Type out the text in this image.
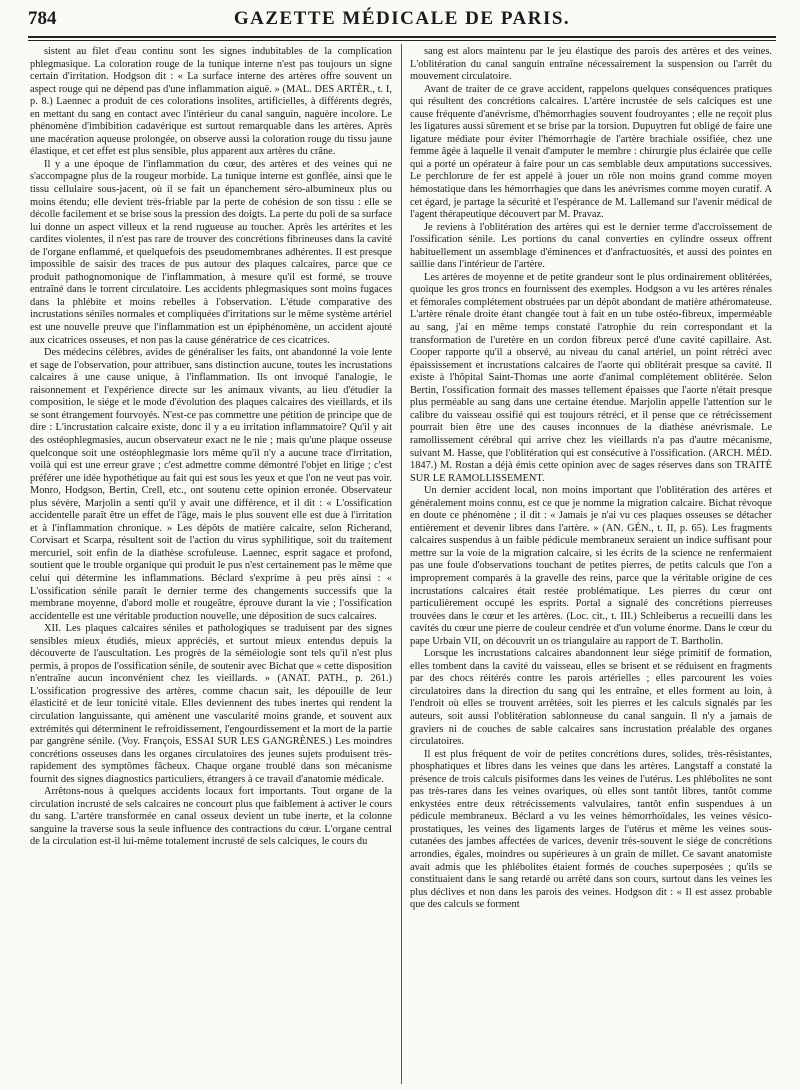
784	GAZETTE MÉDICALE DE PARIS.

sistent au filet d'eau continu sont les signes indubitables de la complication phlegmasique. La coloration rouge de la tunique interne n'est pas toujours un signe certain d'irritation. Hodgson dit : « La surface interne des artères offre souvent un aspect rouge qui ne dépend pas d'une inflammation aiguë. » (MAL. DES ARTÈR., t. I, p. 8.) Laennec a produit de ces colorations insolites, artificielles, à différents degrés, en mettant du sang en contact avec l'intérieur du canal sanguin, naguère incolore. Le phénomène d'imbibition cadavérique est surtout remarquable dans les artères. Après une macération aqueuse prolongée, on observe aussi la coloration rouge du tissu jaune élastique, et cet effet est plus sensible, plus apparent aux artères du crâne.

Il y a une époque de l'inflammation du cœur, des artères et des veines qui ne s'accompagne plus de la rougeur morbide. La tunique interne est gonflée, ainsi que le tissu cellulaire sous-jacent, où il se fait un épanchement séro-albumineux plus ou moins étendu; elle devient très-friable par la perte de cohésion de son tissu : elle se décolle facilement et se brise sous la pression des doigts. La perte du poli de sa surface lui donne un aspect villeux et la rend rugueuse au toucher. Après les artérites et les cardites violentes, il n'est pas rare de trouver des concrétions fibrineuses dans la cavité de l'organe enflammé, et quelquefois des pseudomembranes adhérentes. Il est presque impossible de saisir des traces de pus autour des plaques calcaires, parce que ce produit pathognomonique de l'inflammation, à mesure qu'il est formé, se trouve entraîné dans le torrent circulatoire. Les accidents phlegmasiques sont moins fugaces dans la phlébite et moins rebelles à l'observation. L'étude comparative des incrustations séniles normales et compliquées d'irritations sur le même système artériel est une nouvelle preuve que l'inflammation est un épiphénomène, un accident ajouté aux cicatrices osseuses, et non pas la cause génératrice de ces cicatrices.

Des médecins célèbres, avides de généraliser les faits, ont abandonné la voie lente et sage de l'observation, pour attribuer, sans distinction aucune, toutes les incrustations calcaires à une cause unique, à l'inflammation. Ils ont invoqué l'analogie, le raisonnement et l'expérience directe sur les animaux vivants, au lieu d'étudier la composition, le siége et le mode d'évolution des plaques calcaires des vieillards, et ils se sont étrangement fourvoyés. N'est-ce pas commettre une pétition de principe que de dire : L'incrustation calcaire existe, donc il y a eu irritation inflammatoire? Qu'il y ait des ostéophlegmasies, aucun observateur exact ne le nie ; mais qu'une plaque osseuse quelconque soit une ostéophlegmasie lors même qu'il n'y a aucune trace d'irritation, voilà qui est une erreur grave ; c'est admettre comme démontré l'objet en litige ; c'est préférer une idée hypothétique au fait qui est sous les yeux et que l'on ne veut pas voir. Monro, Hodgson, Bertin, Crell, etc., ont soutenu cette opinion erronée. Observateur plus sévère, Marjolin a senti qu'il y avait une différence, et il dit : « L'ossification accidentelle paraît être un effet de l'âge, mais le plus souvent elle est due à l'irritation et à l'inflammation chronique. » Les dépôts de matière calcaire, selon Richerand, Corvisart et Scarpa, résultent soit de l'action du virus syphilitique, soit du traitement mercuriel, soit enfin de la diathèse scrofuleuse. Laennec, esprit sagace et profond, soutient que le trouble organique qui produit le pus n'est certainement pas le même que celui qui détermine les inflammations. Béclard s'exprime à peu près ainsi : « L'ossification sénile paraît le dernier terme des changements successifs que la membrane moyenne, d'abord molle et rougeâtre, éprouve durant la vie ; l'ossification accidentelle est une véritable production nouvelle, une déposition de sucs calcaires.

XII. Les plaques calcaires séniles et pathologiques se traduisent par des signes sensibles mieux étudiés, mieux appréciés, et surtout mieux entendus depuis la découverte de l'auscultation. Les progrès de la séméiologie sont tels qu'il n'est plus permis, à propos de l'ossification sénile, de soutenir avec Bichat que « cette disposition n'entraîne aucun inconvénient chez les vieillards. » (ANAT. PATH., p. 261.) L'ossification progressive des artères, comme chacun sait, les dépouille de leur élasticité et de leur tonicité vitale. Elles deviennent des tubes inertes qui rendent la circulation languissante, qui amènent une vascularité moins grande, et souvent aux extrémités qui déterminent le refroidissement, l'engourdissement et la mort de la partie par gangrène sénile. (Voy. François, ESSAI SUR LES GANGRÈNES.) Les moindres concrétions osseuses dans les organes circulatoires des jeunes sujets produisent très-rapidement des symptômes fâcheux. Chaque organe troublé dans son mécanisme fournit des signes diagnostics particuliers, étrangers à ce travail d'anatomie médicale.

Arrêtons-nous à quelques accidents locaux fort importants. Tout organe de la circulation incrusté de sels calcaires ne concourt plus que faiblement à activer le cours du sang. L'artère transformée en canal osseux devient un tube inerte, et la colonne sanguine la traverse sous la seule influence des contractions du cœur. L'organe central de la circulation est-il lui-même totalement incrusté de sels calciques, le cours du

sang est alors maintenu par le jeu élastique des parois des artères et des veines. L'oblitération du canal sanguin entraîne nécessairement la suspension ou l'arrêt du mouvement circulatoire.

Avant de traiter de ce grave accident, rappelons quelques conséquences pratiques qui résultent des concrétions calcaires. L'artère incrustée de sels calciques est une cause fréquente d'anévrisme, d'hémorrhagies souvent foudroyantes ; elle ne reçoit plus les ligatures aussi sûrement et se brise par la torsion. Dupuytren fut obligé de faire une ligature médiate pour éviter l'hémorrhagie de l'artère brachiale ossifiée, chez une femme âgée à laquelle il venait d'amputer le membre : chirurgie plus éclairée que celle qui a porté un opérateur à faire pour un cas semblable deux amputations successives. Le perchlorure de fer est appelé à jouer un rôle non moins grand comme moyen hémostatique dans les hémorrhagies que dans les anévrismes comme moyen curatif. A cet égard, je partage la sécurité et l'espérance de M. Lallemand sur l'avenir médical de l'agent thérapeutique découvert par M. Pravaz.

Je reviens à l'oblitération des artères qui est le dernier terme d'accroissement de l'ossification sénile. Les portions du canal converties en cylindre osseux offrent habituellement un assemblage d'éminences et d'anfractuosités, et aussi des pointes en saillie dans l'intérieur de l'artère.

Les artères de moyenne et de petite grandeur sont le plus ordinairement oblitérées, quoique les gros troncs en fournissent des exemples. Hodgson a vu les artères rénales et fémorales complétement obstruées par un dépôt abondant de matière athéromateuse. L'artère rénale droite étant changée tout à fait en un tube ostéo-fibreux, imperméable au sang, j'ai en même temps constaté l'atrophie du rein correspondant et la transformation de l'uretère en un cordon fibreux percé d'une cavité capillaire. Ast. Cooper rapporte qu'il a observé, au niveau du canal artériel, un point rétréci avec épaississement et incrustations calcaires de l'aorte qui oblitérait presque sa cavité. Il existe à l'hôpital Saint-Thomas une aorte d'animal complétement oblitérée. Selon Bertin, l'ossification formait des masses tellement épaisses que l'aorte n'était presque plus perméable au sang dans une certaine étendue. Marjolin appelle l'attention sur le calibre du vaisseau ossifié qui est toujours rétréci, et il pense que ce rétrécissement pourrait bien être une des causes inconnues de la diathèse anévrismale. Le ramollissement cérébral qui arrive chez les vieillards n'a pas d'autre mécanisme, suivant M. Hasse, que l'oblitération qui est consécutive à l'ossification. (ARCH. MÉD. 1847.) M. Rostan a déjà émis cette opinion avec de sages réserves dans son TRAITÉ SUR LE RAMOLLISSEMENT.

Un dernier accident local, non moins important que l'oblitération des artères et généralement moins connu, est ce que je nomme la migration calcaire. Bichat révoque en doute ce phénomène ; il dit : « Jamais je n'ai vu ces plaques osseuses se détacher entièrement et devenir libres dans l'artère. » (AN. GÉN., t. II, p. 65). Les fragments calcaires suspendus à un faible pédicule membraneux seraient un indice suffisant pour mettre sur la voie de la migration calcaire, si les écrits de la science ne renfermaient pas une foule d'observations touchant de petites pierres, de petits calculs que l'on a improprement comparés à la gravelle des reins, parce que la véritable origine de ces incrustations calcaires était restée problématique. Les pierres du cœur ont particulièrement occupé les esprits. Portal a signalé des concrétions pierreuses trouvées dans le cœur et les artères. (Loc. cit., t. III.) Schleiberus a recueilli dans les cavités du cœur une pierre de couleur cendrée et d'un volume énorme. Dans le cœur du pape Urbain VII, on découvrit un os triangulaire au rapport de T. Bartholin.

Lorsque les incrustations calcaires abandonnent leur siége primitif de formation, elles tombent dans la cavité du vaisseau, elles se brisent et se réduisent en fragments par des chocs réitérés contre les parois artérielles ; elles parcourent les voies circulatoires dans la direction du sang qui les entraîne, et elles forment au loin, à l'endroit où elles se trouvent arrêtées, soit les pierres et les calculs signalés par les auteurs, soit aussi l'oblitération sablonneuse du canal sanguin. Il n'y a jamais de graviers ni de couches de sable calcaires sans incrustation préalable des organes circulatoires.

Il est plus fréquent de voir de petites concrétions dures, solides, très-résistantes, phosphatiques et libres dans les veines que dans les artères. Langstaff a constaté la présence de trois calculs pisiformes dans les veines de l'utérus. Les phlébolites ne sont pas très-rares dans les veines ovariques, où elles sont tantôt libres, tantôt comme enkystées entre deux rétrécissements valvulaires, tantôt enfin suspendues à un pédicule membraneux. Béclard a vu les veines hémorrhoïdales, les veines vésico-prostatiques, les veines des ligaments larges de l'utérus et même les veines sous-cutanées des jambes affectées de varices, devenir très-souvent le siége de concrétions arrondies, égales, moindres ou supérieures à un grain de millet. Ce savant anatomiste avait admis que les phlébolites étaient formés de couches superposées ; qu'ils se constituaient dans le sang retardé ou arrêté dans son cours, surtout dans les veines les plus déclives et non dans les parois des veines. Hodgson dit : « Il est assez probable que des calculs se forment
